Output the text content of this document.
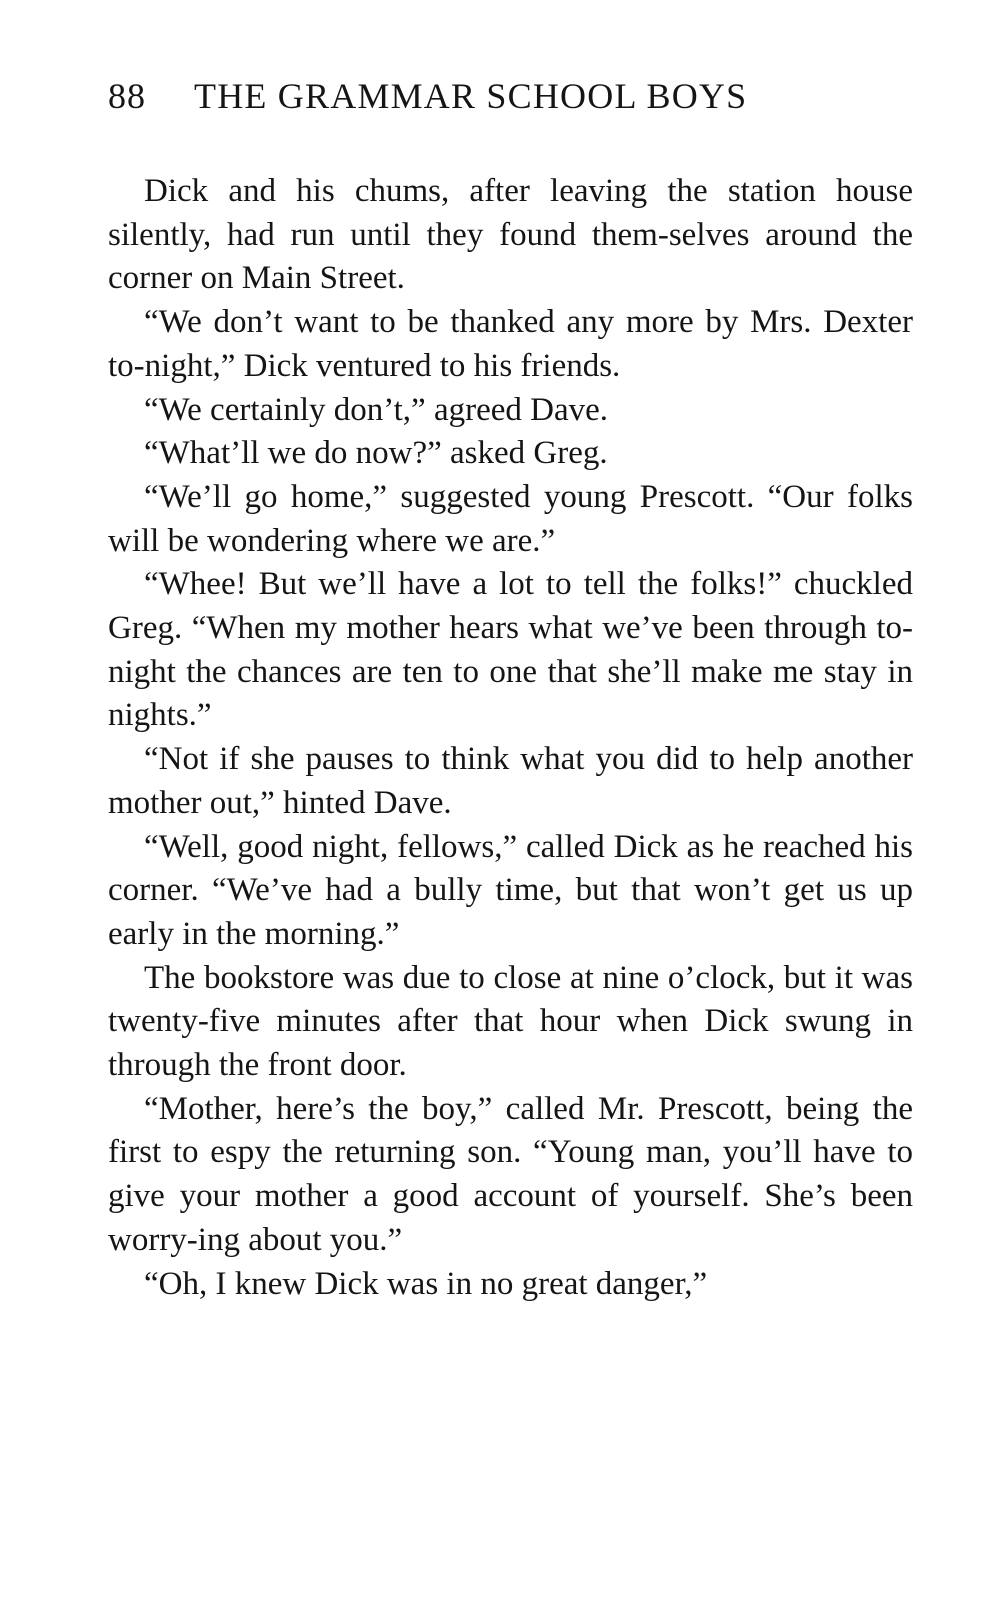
88 THE GRAMMAR SCHOOL BOYS

Dick and his chums, after leaving the station house silently, had run until they found them-selves around the corner on Main Street.

“We don’t want to be thanked any more by Mrs. Dexter to-night,” Dick ventured to his friends.

“We certainly don’t,” agreed Dave.

“What’ll we do now?” asked Greg.

“We’ll go home,” suggested young Prescott. “Our folks will be wondering where we are.”

“Whee! But we’ll have a lot to tell the folks!” chuckled Greg. “When my mother hears what we’ve been through to-night the chances are ten to one that she’ll make me stay in nights.”

“Not if she pauses to think what you did to help another mother out,” hinted Dave.

“Well, good night, fellows,” called Dick as he reached his corner. “We’ve had a bully time, but that won’t get us up early in the morning.”

The bookstore was due to close at nine o’clock, but it was twenty-five minutes after that hour when Dick swung in through the front door.

“Mother, here’s the boy,” called Mr. Prescott, being the first to espy the returning son. “Young man, you’ll have to give your mother a good account of yourself. She’s been worry-ing about you.”

“Oh, I knew Dick was in no great danger,”
